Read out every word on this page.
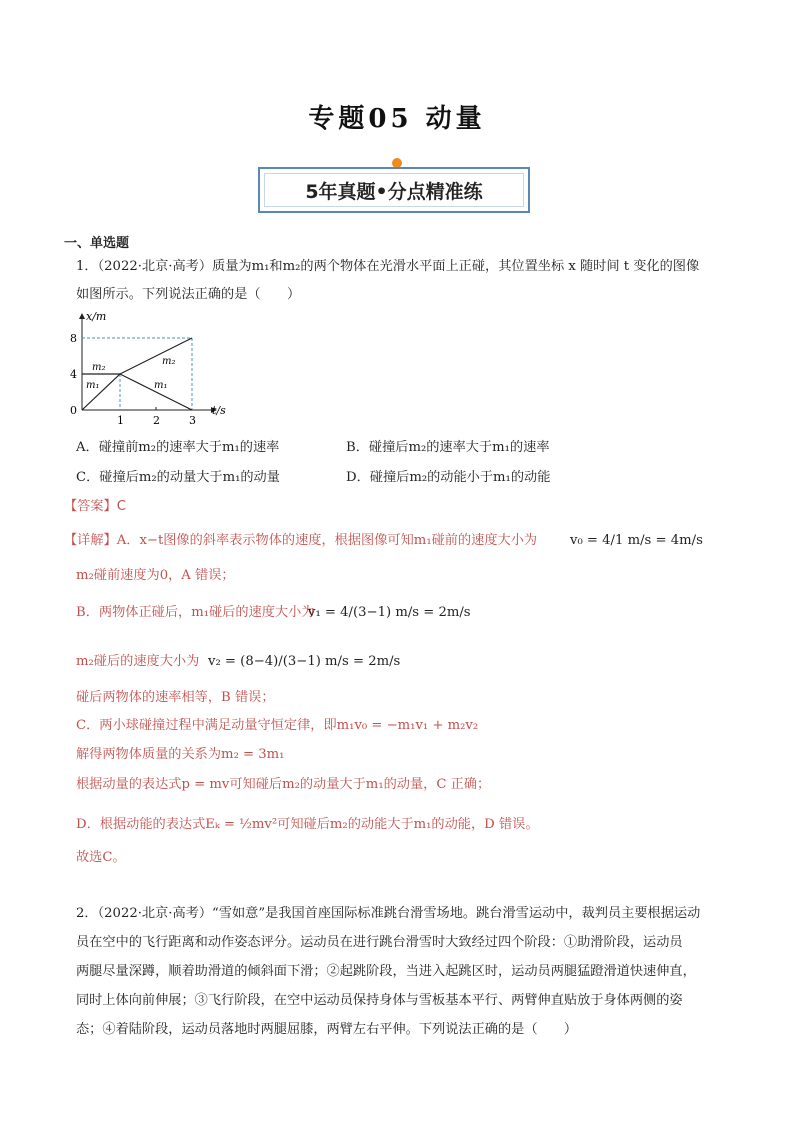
专题05 动量
5年真题•分点精准练
一、单选题
1．（2022·北京·高考）质量为m₁和m₂的两个物体在光滑水平面上正碰，其位置坐标 x 随时间 t 变化的图像
如图所示。下列说法正确的是（　　）
x/m
t/s
8
4
0
1	2	3
m₂
m₁
m₂
m₁
A．碰撞前m₂的速率大于m₁的速率	B．碰撞后m₂的速率大于m₁的速率
C．碰撞后m₂的动量大于m₁的动量	D．碰撞后m₂的动能小于m₁的动能
【答案】C
【详解】A．x−t图像的斜率表示物体的速度，根据图像可知m₁碰前的速度大小为 v₀ = 4/1 m/s = 4m/s
m₂碰前速度为0，A 错误；
B．两物体正碰后，m₁碰后的速度大小为
v₁ = 4/(3−1) m/s = 2m/s
m₂碰后的速度大小为 v₂ = (8−4)/(3−1) m/s = 2m/s
碰后两物体的速率相等，B 错误；
C．两小球碰撞过程中满足动量守恒定律，即m₁v₀ = −m₁v₁ + m₂v₂
解得两物体质量的关系为m₂ = 3m₁
根据动量的表达式p = mv可知碰后m₂的动量大于m₁的动量，C 正确；
D．根据动能的表达式Eₖ = ½mv²可知碰后m₂的动能大于m₁的动能，D 错误。
故选C。
2．（2022·北京·高考）“雪如意”是我国首座国际标准跳台滑雪场地。跳台滑雪运动中，裁判员主要根据运动
员在空中的飞行距离和动作姿态评分。运动员在进行跳台滑雪时大致经过四个阶段：①助滑阶段，运动员
两腿尽量深蹲，顺着助滑道的倾斜面下滑；②起跳阶段，当进入起跳区时，运动员两腿猛蹬滑道快速伸直，
同时上体向前伸展；③飞行阶段，在空中运动员保持身体与雪板基本平行、两臂伸直贴放于身体两侧的姿
态；④着陆阶段，运动员落地时两腿屈膝，两臂左右平伸。下列说法正确的是（　　）
